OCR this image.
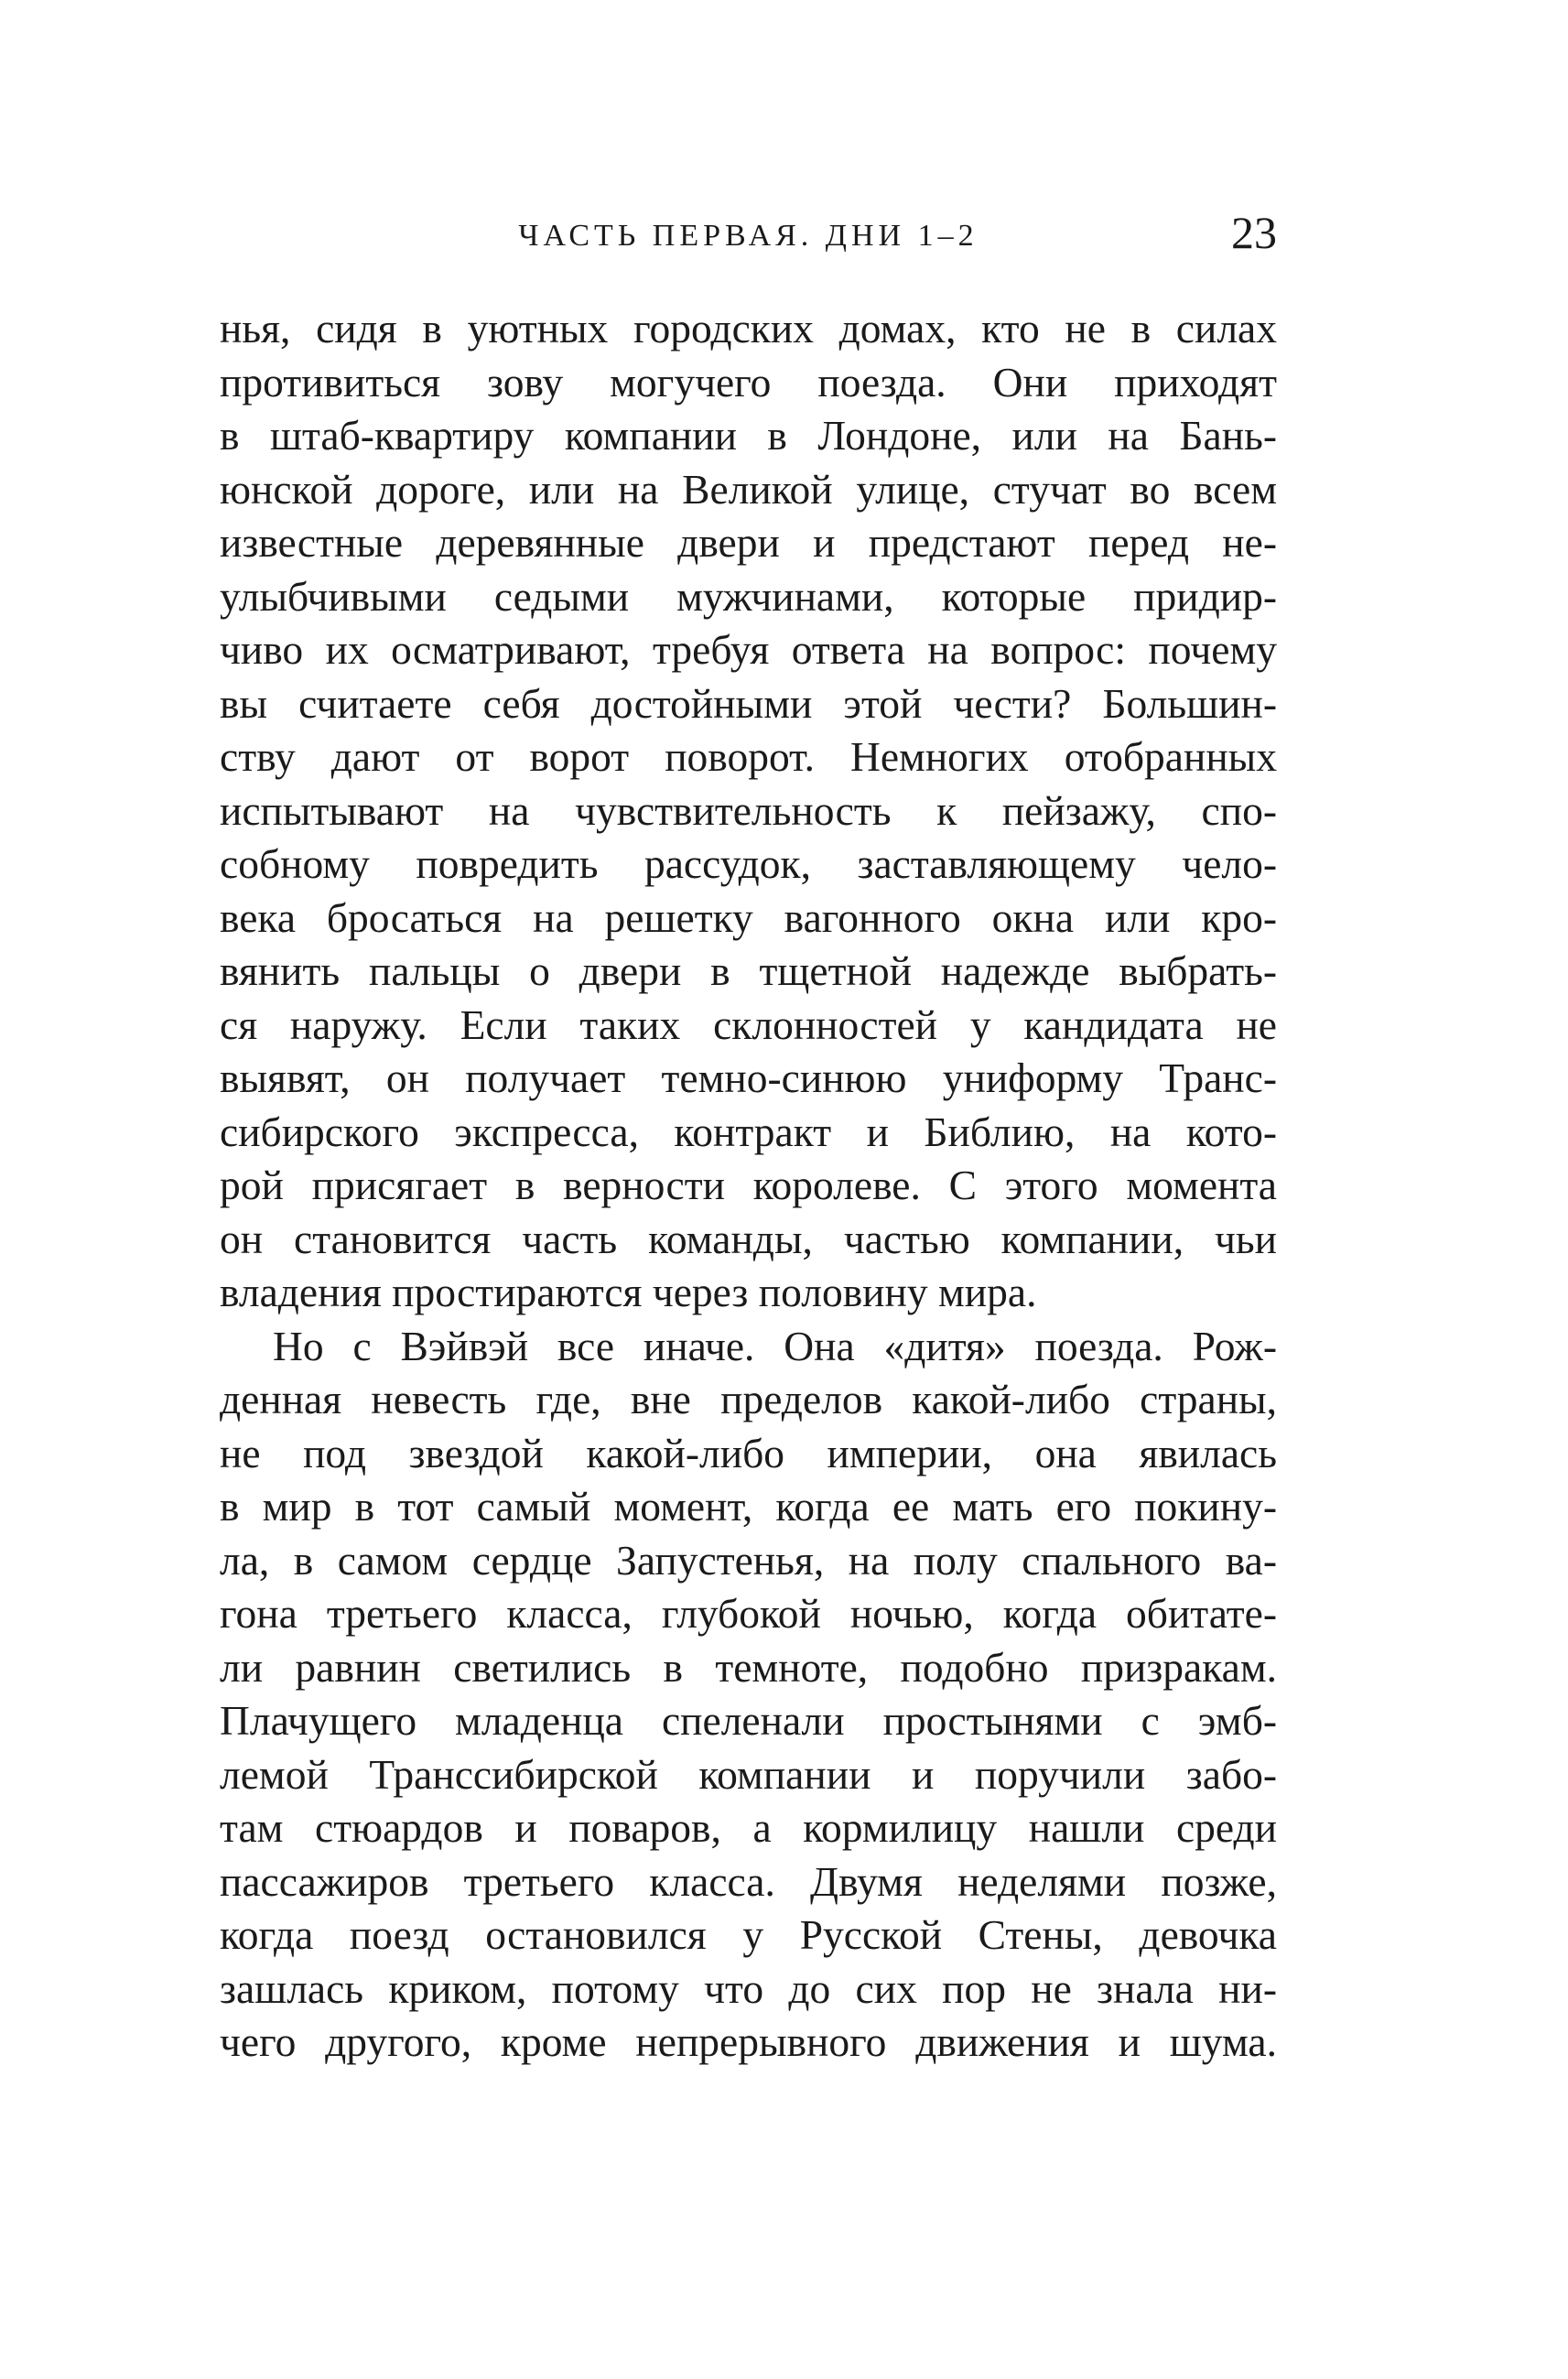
ЧАСТЬ ПЕРВАЯ. ДНИ 1–2	23
нья, сидя в уютных городских домах, кто не в силах
противиться зову могучего поезда. Они приходят
в штаб-квартиру компании в Лондоне, или на Бань-
юнской дороге, или на Великой улице, стучат во всем
известные деревянные двери и предстают перед не-
улыбчивыми седыми мужчинами, которые придир-
чиво их осматривают, требуя ответа на вопрос: почему
вы считаете себя достойными этой чести? Большин-
ству дают от ворот поворот. Немногих отобранных
испытывают на чувствительность к пейзажу, спо-
собному повредить рассудок, заставляющему чело-
века бросаться на решетку вагонного окна или кро-
вянить пальцы о двери в тщетной надежде выбрать-
ся наружу. Если таких склонностей у кандидата не
выявят, он получает темно-синюю униформу Транс-
сибирского экспресса, контракт и Библию, на кото-
рой присягает в верности королеве. С этого момента
он становится часть команды, частью компании, чьи
владения простираются через половину мира.
Но с Вэйвэй все иначе. Она «дитя» поезда. Рож-
денная невесть где, вне пределов какой-либо страны,
не под звездой какой-либо империи, она явилась
в мир в тот самый момент, когда ее мать его покину-
ла, в самом сердце Запустенья, на полу спального ва-
гона третьего класса, глубокой ночью, когда обитате-
ли равнин светились в темноте, подобно призракам.
Плачущего младенца спеленали простынями с эмб-
лемой Транссибирской компании и поручили забо-
там стюардов и поваров, а кормилицу нашли среди
пассажиров третьего класса. Двумя неделями позже,
когда поезд остановился у Русской Стены, девочка
зашлась криком, потому что до сих пор не знала ни-
чего другого, кроме непрерывного движения и шума.
